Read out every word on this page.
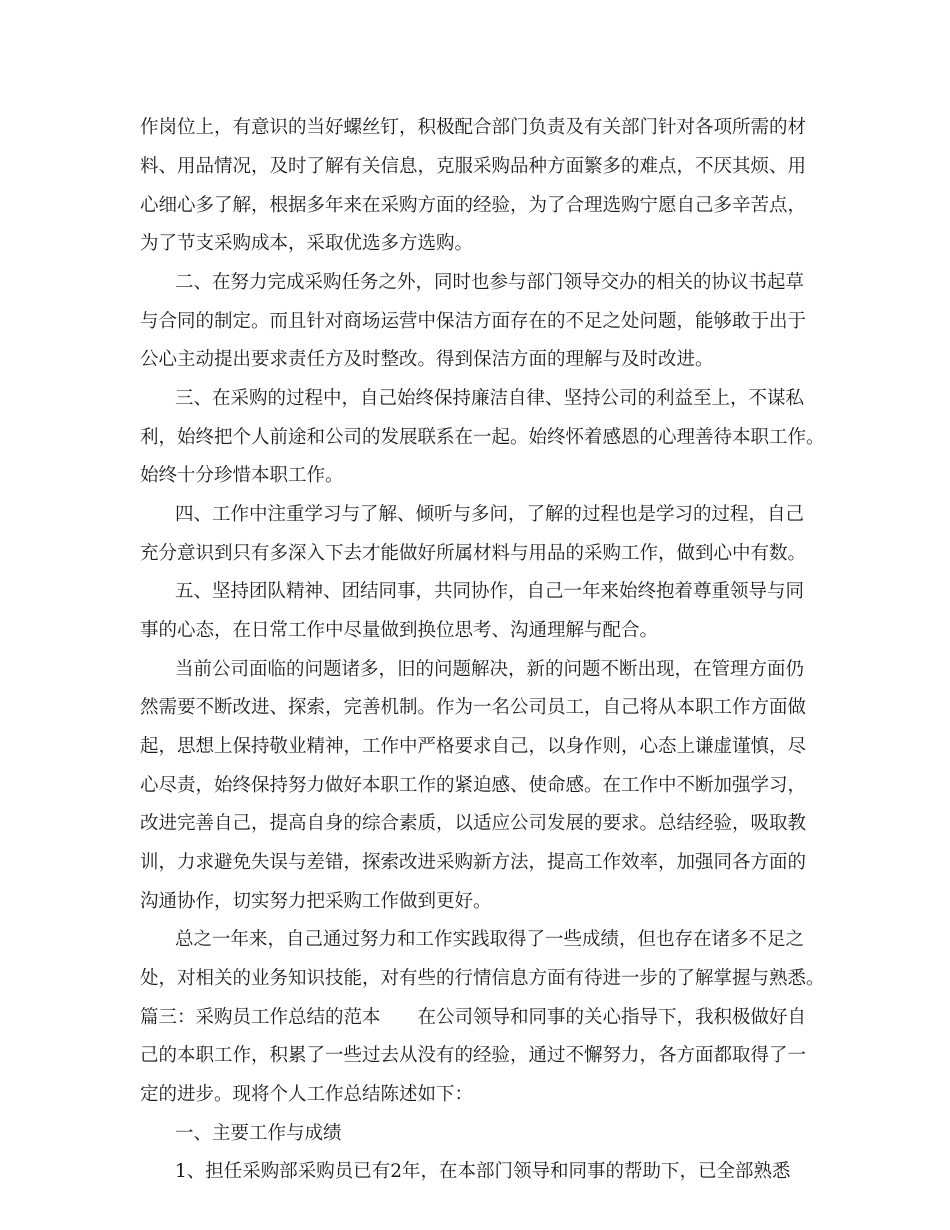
作岗位上，有意识的当好螺丝钉，积极配合部门负责及有关部门针对各项所需的材
料、用品情况，及时了解有关信息，克服采购品种方面繁多的难点，不厌其烦、用
心细心多了解，根据多年来在采购方面的经验，为了合理选购宁愿自己多辛苦点，
为了节支采购成本，采取优选多方选购。
二、在努力完成采购任务之外，同时也参与部门领导交办的相关的协议书起草
与合同的制定。而且针对商场运营中保洁方面存在的不足之处问题，能够敢于出于
公心主动提出要求责任方及时整改。得到保洁方面的理解与及时改进。
三、在采购的过程中，自己始终保持廉洁自律、坚持公司的利益至上，不谋私
利，始终把个人前途和公司的发展联系在一起。始终怀着感恩的心理善待本职工作。
始终十分珍惜本职工作。
四、工作中注重学习与了解、倾听与多问，了解的过程也是学习的过程，自己
充分意识到只有多深入下去才能做好所属材料与用品的采购工作，做到心中有数。
五、坚持团队精神、团结同事，共同协作，自己一年来始终抱着尊重领导与同
事的心态，在日常工作中尽量做到换位思考、沟通理解与配合。
当前公司面临的问题诸多，旧的问题解决，新的问题不断出现，在管理方面仍
然需要不断改进、探索，完善机制。作为一名公司员工，自己将从本职工作方面做
起，思想上保持敬业精神，工作中严格要求自己，以身作则，心态上谦虚谨慎，尽
心尽责，始终保持努力做好本职工作的紧迫感、使命感。在工作中不断加强学习，
改进完善自己，提高自身的综合素质，以适应公司发展的要求。总结经验，吸取教
训，力求避免失误与差错，探索改进采购新方法，提高工作效率，加强同各方面的
沟通协作，切实努力把采购工作做到更好。
总之一年来，自己通过努力和工作实践取得了一些成绩，但也存在诸多不足之
处，对相关的业务知识技能，对有些的行情信息方面有待进一步的了解掌握与熟悉。
篇三：采购员工作总结的范本　　在公司领导和同事的关心指导下，我积极做好自
己的本职工作，积累了一些过去从没有的经验，通过不懈努力，各方面都取得了一
定的进步。现将个人工作总结陈述如下：
一、主要工作与成绩
1、担任采购部采购员已有2年，在本部门领导和同事的帮助下，已全部熟悉
